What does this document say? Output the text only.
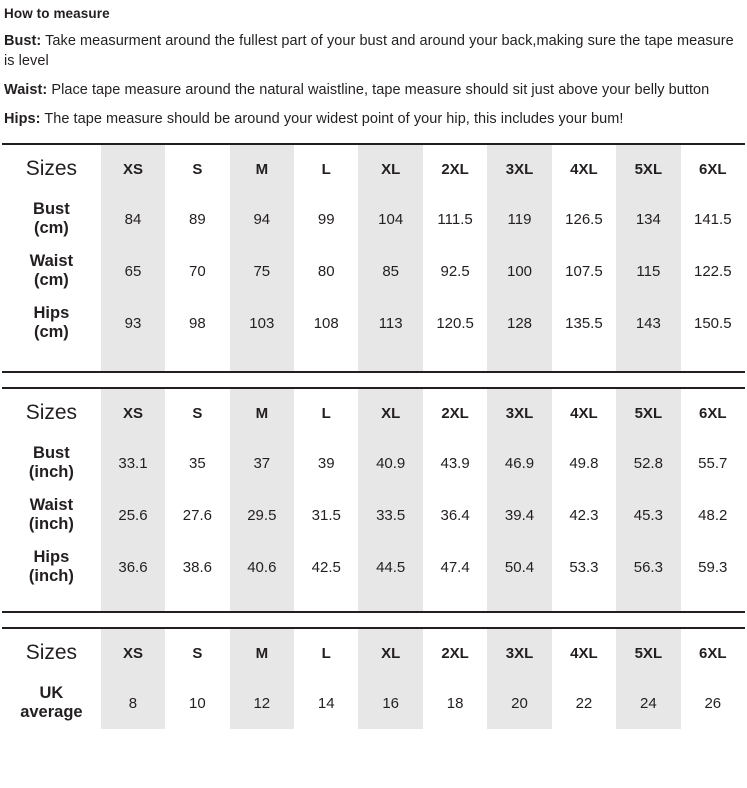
How to measure

Bust: Take measurment around the fullest part of your bust and around your back,making sure the tape measure is level

Waist: Place tape measure around the natural waistline, tape measure should sit just above your belly button

Hips: The tape measure should be around your widest point of your hip, this includes your bum!

Sizes	XS	S	M	L	XL	2XL	3XL	4XL	5XL	6XL
Bust
(cm)	84	89	94	99	104	111.5	119	126.5	134	141.5
Waist
(cm)	65	70	75	80	85	92.5	100	107.5	115	122.5
Hips
(cm)	93	98	103	108	113	120.5	128	135.5	143	150.5

Sizes	XS	S	M	L	XL	2XL	3XL	4XL	5XL	6XL
Bust
(inch)	33.1	35	37	39	40.9	43.9	46.9	49.8	52.8	55.7
Waist
(inch)	25.6	27.6	29.5	31.5	33.5	36.4	39.4	42.3	45.3	48.2
Hips
(inch)	36.6	38.6	40.6	42.5	44.5	47.4	50.4	53.3	56.3	59.3

Sizes	XS	S	M	L	XL	2XL	3XL	4XL	5XL	6XL
UK
average	8	10	12	14	16	18	20	22	24	26
